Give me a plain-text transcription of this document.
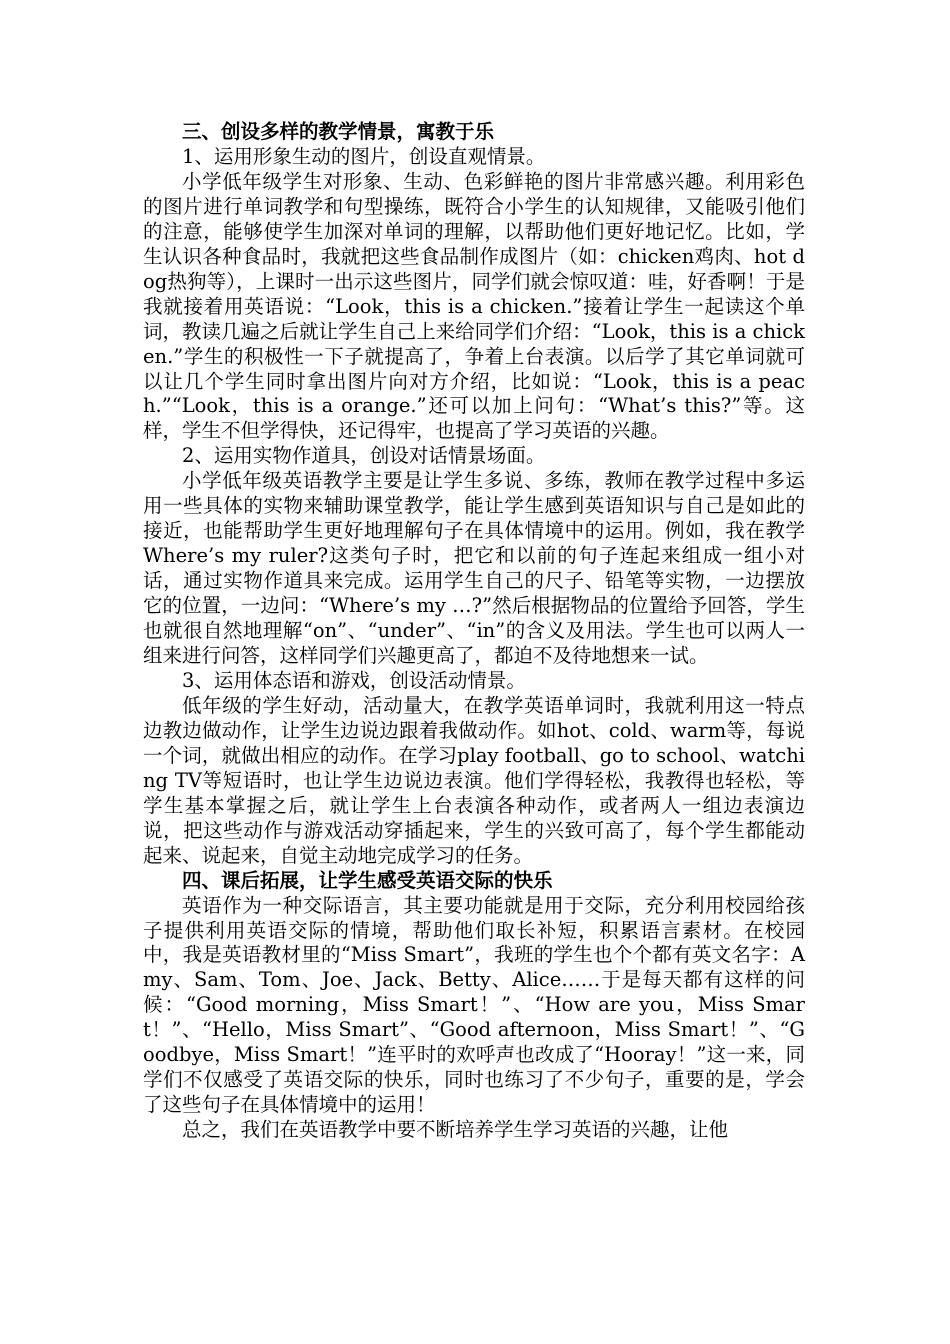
三、创设多样的教学情景，寓教于乐

1、运用形象生动的图片，创设直观情景。

小学低年级学生对形象、生动、色彩鲜艳的图片非常感兴趣。利用彩色的图片进行单词教学和句型操练，既符合小学生的认知规律，又能吸引他们的注意，能够使学生加深对单词的理解，以帮助他们更好地记忆。比如，学生认识各种食品时，我就把这些食品制作成图片（如：chicken鸡肉、hot dog热狗等），上课时一出示这些图片，同学们就会惊叹道：哇，好香啊！于是我就接着用英语说：“Look，this is a chicken.”接着让学生一起读这个单词，教读几遍之后就让学生自己上来给同学们介绍：“Look，this is a chicken.”学生的积极性一下子就提高了，争着上台表演。以后学了其它单词就可以让几个学生同时拿出图片向对方介绍，比如说：“Look，this is a peach.”“Look，this is a orange.”还可以加上问句：“What’s this?”等。这样，学生不但学得快，还记得牢，也提高了学习英语的兴趣。

2、运用实物作道具，创设对话情景场面。

小学低年级英语教学主要是让学生多说、多练，教师在教学过程中多运用一些具体的实物来辅助课堂教学，能让学生感到英语知识与自己是如此的接近，也能帮助学生更好地理解句子在具体情境中的运用。例如，我在教学Where’s my ruler?这类句子时，把它和以前的句子连起来组成一组小对话，通过实物作道具来完成。运用学生自己的尺子、铅笔等实物，一边摆放它的位置，一边问：“Where’s my …?”然后根据物品的位置给予回答，学生也就很自然地理解“on”、“under”、“in”的含义及用法。学生也可以两人一组来进行问答，这样同学们兴趣更高了，都迫不及待地想来一试。

3、运用体态语和游戏，创设活动情景。

低年级的学生好动，活动量大，在教学英语单词时，我就利用这一特点边教边做动作，让学生边说边跟着我做动作。如hot、cold、warm等，每说一个词，就做出相应的动作。在学习play football、go to school、watching TV等短语时，也让学生边说边表演。他们学得轻松，我教得也轻松，等学生基本掌握之后，就让学生上台表演各种动作，或者两人一组边表演边说，把这些动作与游戏活动穿插起来，学生的兴致可高了，每个学生都能动起来、说起来，自觉主动地完成学习的任务。

四、课后拓展，让学生感受英语交际的快乐

英语作为一种交际语言，其主要功能就是用于交际，充分利用校园给孩子提供利用英语交际的情境，帮助他们取长补短，积累语言素材。在校园中，我是英语教材里的“Miss Smart”，我班的学生也个个都有英文名字：Amy、Sam、Tom、Joe、Jack、Betty、Alice……于是每天都有这样的问候：“Good morning，Miss Smart！”、“How are you，Miss Smart！”、“Hello，Miss Smart”、“Good afternoon，Miss Smart！”、“Goodbye，Miss Smart！”连平时的欢呼声也改成了“Hooray！”这一来，同学们不仅感受了英语交际的快乐，同时也练习了不少句子，重要的是，学会了这些句子在具体情境中的运用！

总之，我们在英语教学中要不断培养学生学习英语的兴趣，让他
